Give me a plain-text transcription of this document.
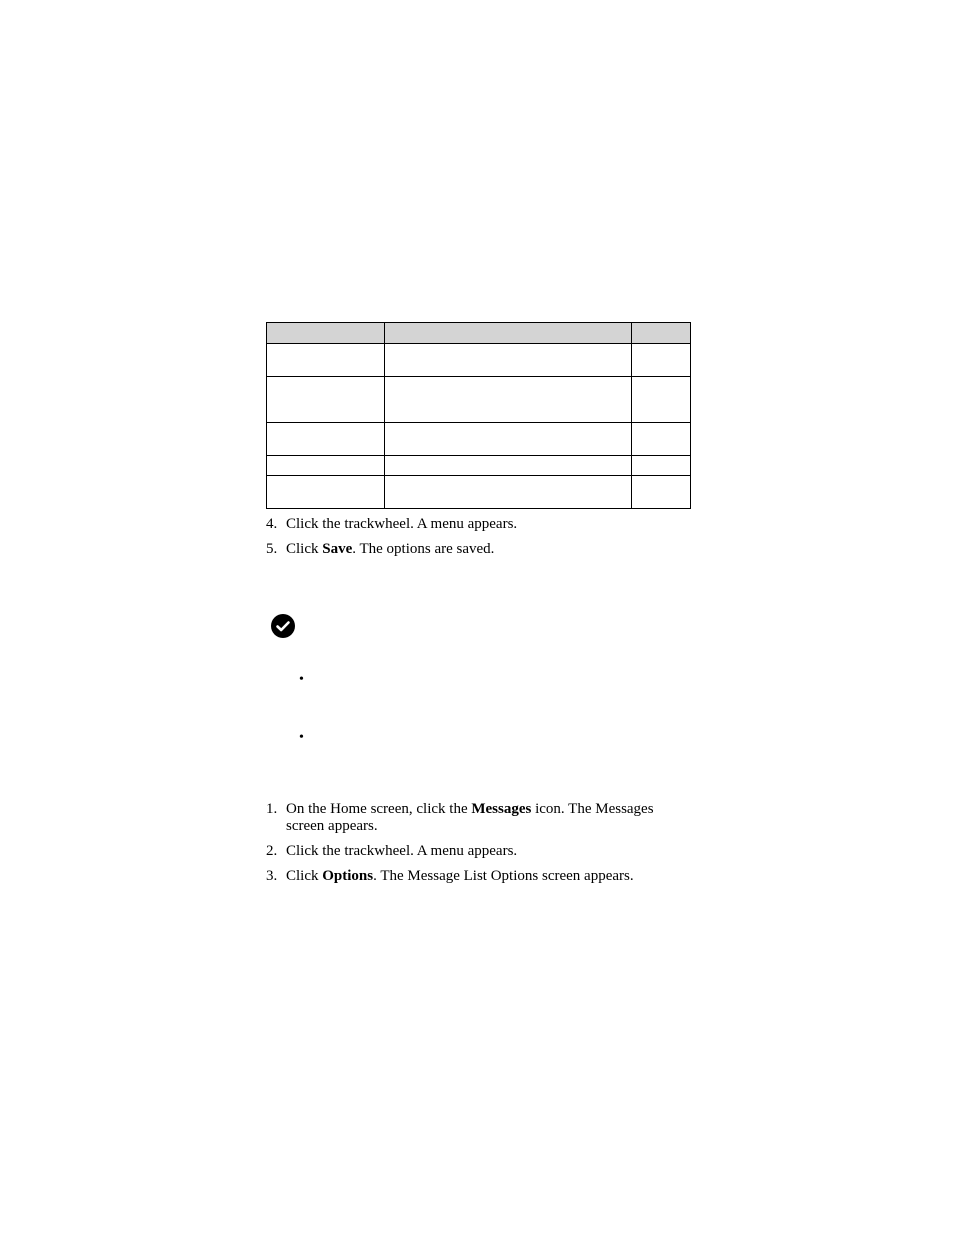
4. Click the trackwheel. A menu appears.
5. Click Save. The options are saved.
•
•
1. On the Home screen, click the Messages icon. The Messages screen appears.
2. Click the trackwheel. A menu appears.
3. Click Options. The Message List Options screen appears.
